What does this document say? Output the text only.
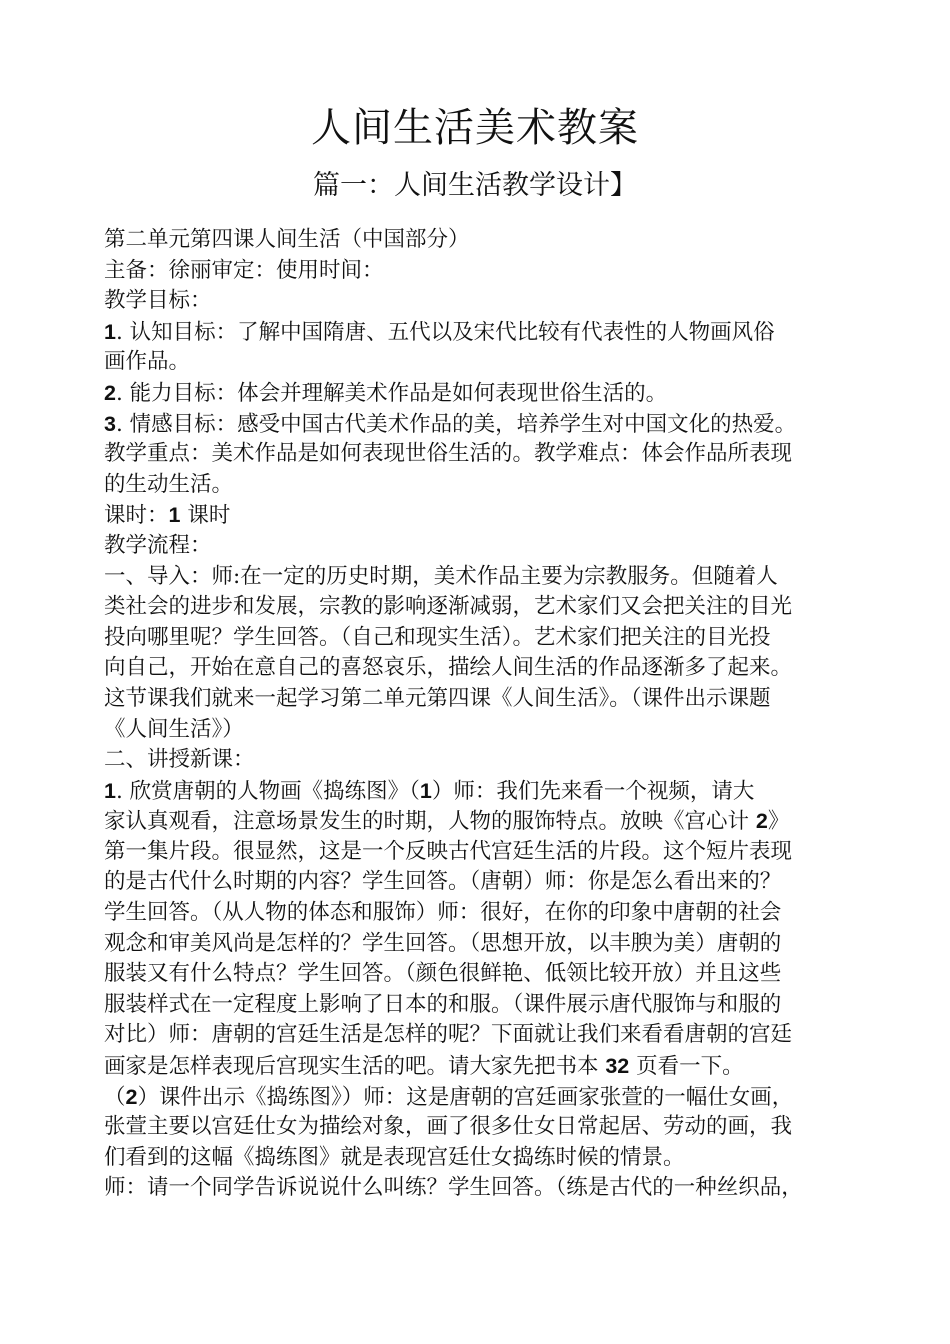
人间生活美术教案
篇一：人间生活教学设计】
第二单元第四课人间生活（中国部分）
主备：徐丽审定：使用时间：
教学目标：
1. 认知目标：了解中国隋唐、五代以及宋代比较有代表性的人物画风俗
画作品。
2. 能力目标：体会并理解美术作品是如何表现世俗生活的。
3. 情感目标：感受中国古代美术作品的美，培养学生对中国文化的热爱。
教学重点：美术作品是如何表现世俗生活的。教学难点：体会作品所表现
的生动生活。
课时：1 课时
教学流程：
一、导入：师:在一定的历史时期，美术作品主要为宗教服务。但随着人
类社会的进步和发展，宗教的影响逐渐减弱，艺术家们又会把关注的目光
投向哪里呢？学生回答。（自己和现实生活）。艺术家们把关注的目光投
向自己，开始在意自己的喜怒哀乐，描绘人间生活的作品逐渐多了起来。
这节课我们就来一起学习第二单元第四课《人间生活》。（课件出示课题
《人间生活》）
二、讲授新课：
1. 欣赏唐朝的人物画《捣练图》（1）师：我们先来看一个视频，请大
家认真观看，注意场景发生的时期，人物的服饰特点。放映《宫心计 2》
第一集片段。很显然，这是一个反映古代宫廷生活的片段。这个短片表现
的是古代什么时期的内容？学生回答。（唐朝）师：你是怎么看出来的？
学生回答。（从人物的体态和服饰）师：很好，在你的印象中唐朝的社会
观念和审美风尚是怎样的？学生回答。（思想开放，以丰腴为美）唐朝的
服装又有什么特点？学生回答。（颜色很鲜艳、低领比较开放）并且这些
服装样式在一定程度上影响了日本的和服。（课件展示唐代服饰与和服的
对比）师：唐朝的宫廷生活是怎样的呢？下面就让我们来看看唐朝的宫廷
画家是怎样表现后宫现实生活的吧。请大家先把书本 32 页看一下。
（2）课件出示《捣练图》）师：这是唐朝的宫廷画家张萱的一幅仕女画，
张萱主要以宫廷仕女为描绘对象，画了很多仕女日常起居、劳动的画，我
们看到的这幅《捣练图》就是表现宫廷仕女捣练时候的情景。
师：请一个同学告诉说说什么叫练？学生回答。（练是古代的一种丝织品，
